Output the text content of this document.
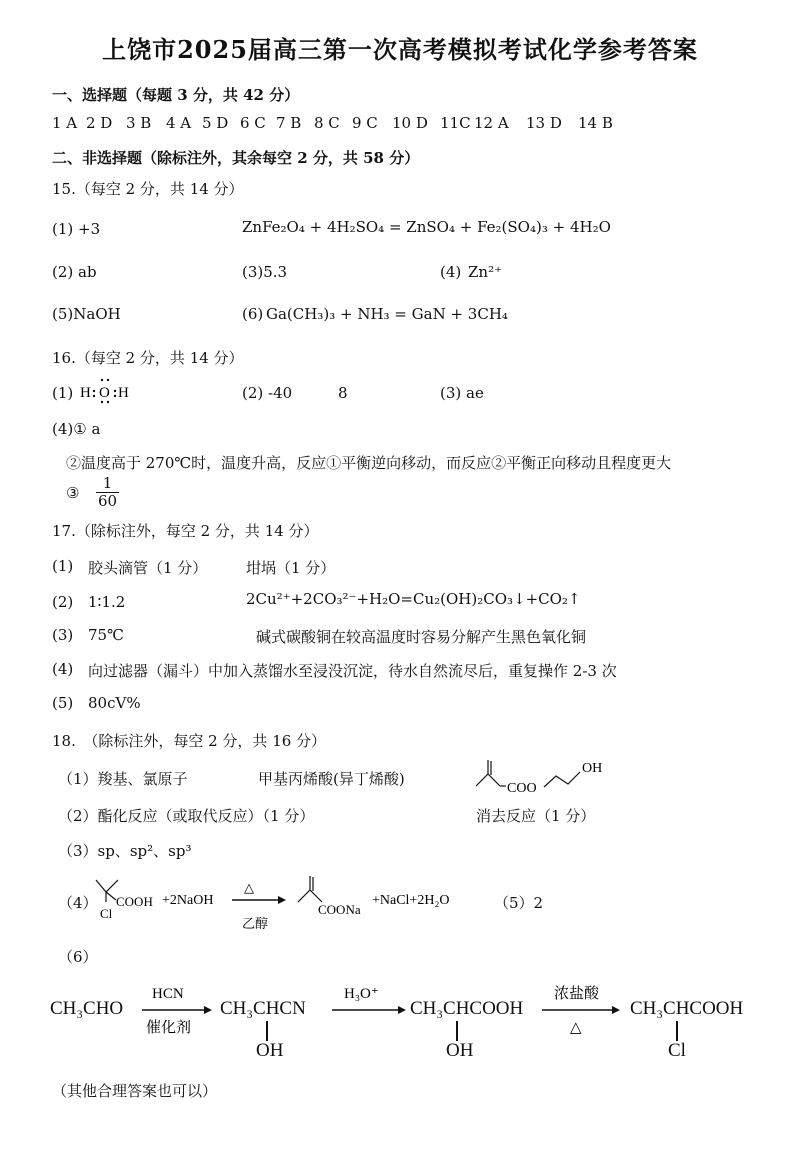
上饶市2025届高三第一次高考模拟考试化学参考答案
一、选择题（每题 3 分，共 42 分）
1 A 2 D 3 B 4 A 5 D 6 C 7 B 8 C 9 C 10 D 11C 12 A 13 D 14 B
二、非选择题（除标注外，其余每空 2 分，共 58 分）
15.（每空 2 分，共 14 分）
(1) +3	ZnFe₂O₄ + 4H₂SO₄ = ZnSO₄ + Fe₂(SO₄)₃ + 4H₂O
(2) ab	(3)5.3	(4) Zn²⁺
(5)NaOH	(6) Ga(CH₃)₃ + NH₃ = GaN + 3CH₄
16.（每空 2 分，共 14 分）
(1) H O H	(2) -40	8	(3) ae
(4)① a
②温度高于 270℃时，温度升高，反应①平衡逆向移动，而反应②平衡正向移动且程度更大
③ $\frac{1}{60}$
17.（除标注外，每空 2 分，共 14 分）
(1) 胶头滴管（1 分）	坩埚（1 分）
(2) 1∶1.2	2Cu²⁺+2CO₃²⁻+H₂O=Cu₂(OH)₂CO₃↓+CO₂↑
(3) 75℃	碱式碳酸铜在较高温度时容易分解产生黑色氧化铜
(4) 向过滤器（漏斗）中加入蒸馏水至浸没沉淀，待水自然流尽后，重复操作 2-3 次
(5) 80cV%
18.　（除标注外，每空 2 分，共 16 分）
（1）羧基、氯原子	甲基丙烯酸(异丁烯酸)
COO
OH
（2）酯化反应（或取代反应）（1 分）	消去反应（1 分）
（3）sp、sp²、sp³
（4） COOH
Cl
+2NaOH
△
乙醇
COONa
+NaCl+2H₂O	（5）2
（6）
CH₃CHO
HCN
催化剂
CH₃CHCN
OH
H₃O⁺
CH₃CHCOOH
OH
浓盐酸
△
CH₃CHCOOH
Cl
（其他合理答案也可以）
